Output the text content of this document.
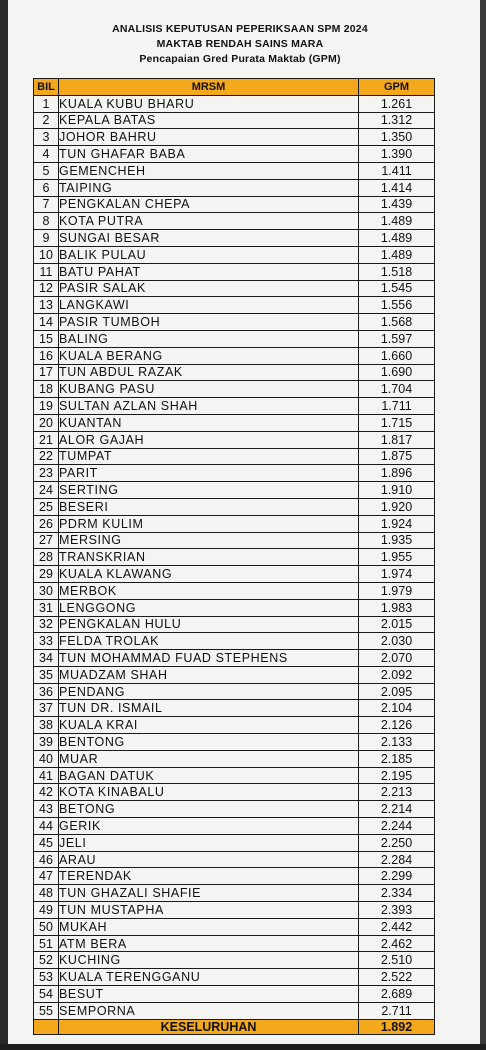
ANALISIS KEPUTUSAN PEPERIKSAAN SPM 2024
MAKTAB RENDAH SAINS MARA
Pencapaian Gred Purata Maktab (GPM)
BIL	MRSM	GPM
1	KUALA KUBU BHARU	1.261
2	KEPALA BATAS	1.312
3	JOHOR BAHRU	1.350
4	TUN GHAFAR BABA	1.390
5	GEMENCHEH	1.411
6	TAIPING	1.414
7	PENGKALAN CHEPA	1.439
8	KOTA PUTRA	1.489
9	SUNGAI BESAR	1.489
10	BALIK PULAU	1.489
11	BATU PAHAT	1.518
12	PASIR SALAK	1.545
13	LANGKAWI	1.556
14	PASIR TUMBOH	1.568
15	BALING	1.597
16	KUALA BERANG	1.660
17	TUN ABDUL RAZAK	1.690
18	KUBANG PASU	1.704
19	SULTAN AZLAN SHAH	1.711
20	KUANTAN	1.715
21	ALOR GAJAH	1.817
22	TUMPAT	1.875
23	PARIT	1.896
24	SERTING	1.910
25	BESERI	1.920
26	PDRM KULIM	1.924
27	MERSING	1.935
28	TRANSKRIAN	1.955
29	KUALA KLAWANG	1.974
30	MERBOK	1.979
31	LENGGONG	1.983
32	PENGKALAN HULU	2.015
33	FELDA TROLAK	2.030
34	TUN MOHAMMAD FUAD STEPHENS	2.070
35	MUADZAM SHAH	2.092
36	PENDANG	2.095
37	TUN DR. ISMAIL	2.104
38	KUALA KRAI	2.126
39	BENTONG	2.133
40	MUAR	2.185
41	BAGAN DATUK	2.195
42	KOTA KINABALU	2.213
43	BETONG	2.214
44	GERIK	2.244
45	JELI	2.250
46	ARAU	2.284
47	TERENDAK	2.299
48	TUN GHAZALI SHAFIE	2.334
49	TUN MUSTAPHA	2.393
50	MUKAH	2.442
51	ATM BERA	2.462
52	KUCHING	2.510
53	KUALA TERENGGANU	2.522
54	BESUT	2.689
55	SEMPORNA	2.711
	KESELURUHAN	1.892
